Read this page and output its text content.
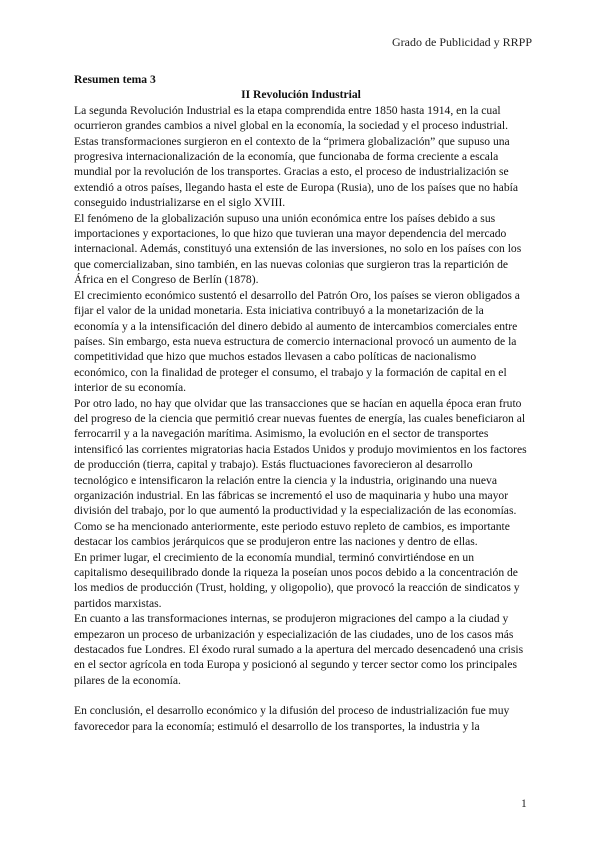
Grado de Publicidad y RRPP

Resumen tema 3

II Revolución Industrial

La segunda Revolución Industrial es la etapa comprendida entre 1850 hasta 1914, en la cual ocurrieron grandes cambios a nivel global en la economía, la sociedad y el proceso industrial. Estas transformaciones surgieron en el contexto de la “primera globalización” que supuso una progresiva internacionalización de la economía, que funcionaba de forma creciente a escala mundial por la revolución de los transportes. Gracias a esto, el proceso de industrialización se extendió a otros países, llegando hasta el este de Europa (Rusia), uno de los países que no había conseguido industrializarse en el siglo XVIII.

El fenómeno de la globalización supuso una unión económica entre los países debido a sus importaciones y exportaciones, lo que hizo que tuvieran una mayor dependencia del mercado internacional. Además, constituyó una extensión de las inversiones, no solo en los países con los que comercializaban, sino también, en las nuevas colonias que surgieron tras la repartición de África en el Congreso de Berlín (1878).

El crecimiento económico sustentó el desarrollo del Patrón Oro, los países se vieron obligados a fijar el valor de la unidad monetaria. Esta iniciativa contribuyó a la monetarización de la economía y a la intensificación del dinero debido al aumento de intercambios comerciales entre países. Sin embargo, esta nueva estructura de comercio internacional provocó un aumento de la competitividad que hizo que muchos estados llevasen a cabo políticas de nacionalismo económico, con la finalidad de proteger el consumo, el trabajo y la formación de capital en el interior de su economía.

Por otro lado, no hay que olvidar que las transacciones que se hacían en aquella época eran fruto del progreso de la ciencia que permitió crear nuevas fuentes de energía, las cuales beneficiaron al ferrocarril y a la navegación marítima. Asimismo, la evolución en el sector de transportes intensificó las corrientes migratorias hacia Estados Unidos y produjo movimientos en los factores de producción (tierra, capital y trabajo). Estás fluctuaciones favorecieron al desarrollo tecnológico e intensificaron la relación entre la ciencia y la industria, originando una nueva organización industrial. En las fábricas se incrementó el uso de maquinaria y hubo una mayor división del trabajo, por lo que aumentó la productividad y la especialización de las economías.

Como se ha mencionado anteriormente, este periodo estuvo repleto de cambios, es importante destacar los cambios jerárquicos que se produjeron entre las naciones y dentro de ellas.

En primer lugar, el crecimiento de la economía mundial, terminó convirtiéndose en un capitalismo desequilibrado donde la riqueza la poseían unos pocos debido a la concentración de los medios de producción (Trust, holding, y oligopolio), que provocó la reacción de sindicatos y partidos marxistas.

En cuanto a las transformaciones internas, se produjeron migraciones del campo a la ciudad y empezaron un proceso de urbanización y especialización de las ciudades, uno de los casos más destacados fue Londres. El éxodo rural sumado a la apertura del mercado desencadenó una crisis en el sector agrícola en toda Europa y posicionó al segundo y tercer sector como los principales pilares de la economía.

En conclusión, el desarrollo económico y la difusión del proceso de industrialización fue muy favorecedor para la economía; estimuló el desarrollo de los transportes, la industria y la

1
